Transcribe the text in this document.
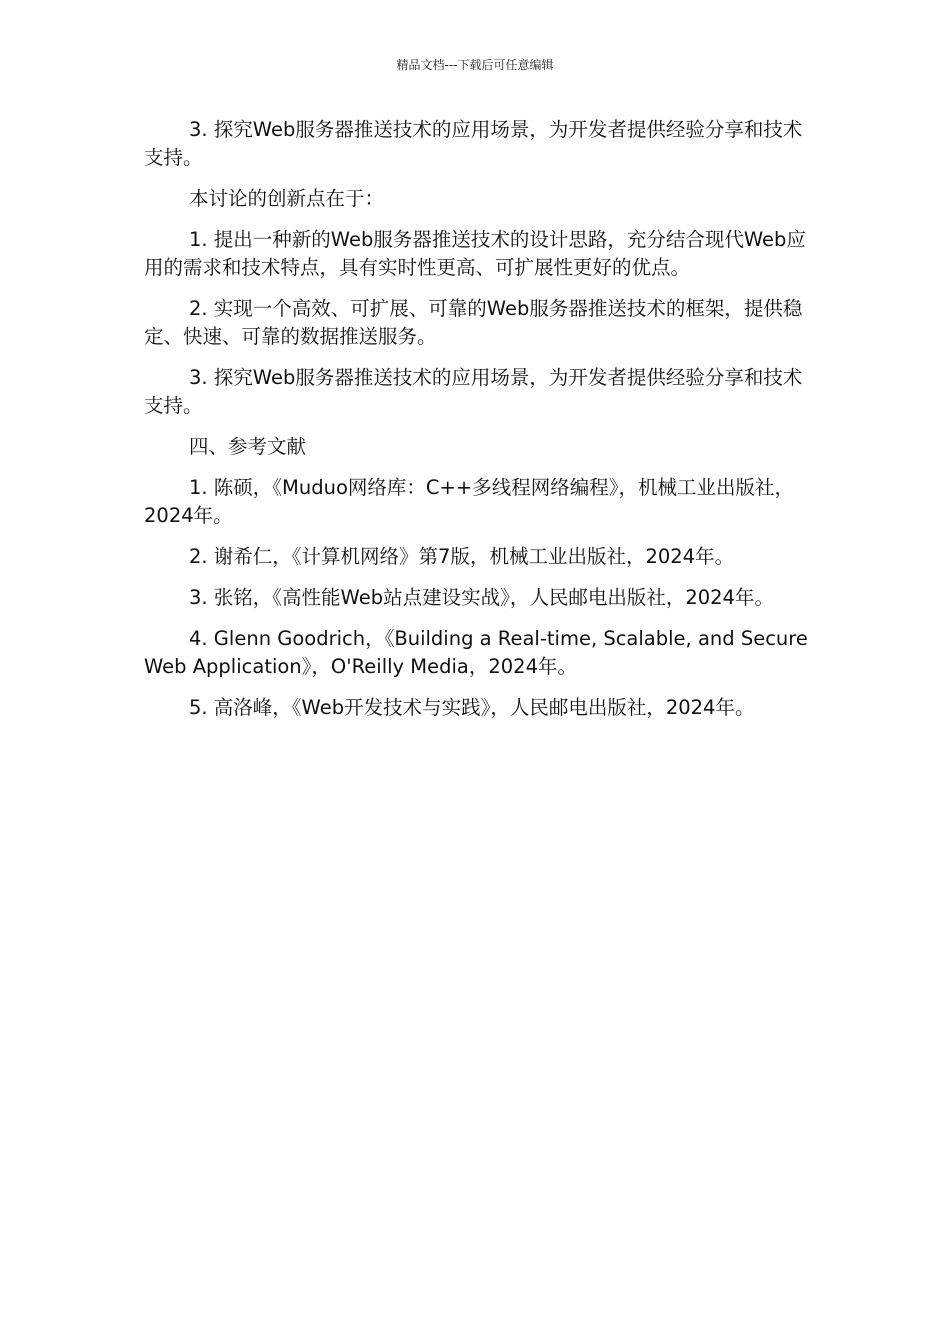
精品文档---下载后可任意编辑

3. 探究Web服务器推送技术的应用场景，为开发者提供经验分享和技术支持。

本讨论的创新点在于：

1. 提出一种新的Web服务器推送技术的设计思路，充分结合现代Web应用的需求和技术特点，具有实时性更高、可扩展性更好的优点。

2. 实现一个高效、可扩展、可靠的Web服务器推送技术的框架，提供稳定、快速、可靠的数据推送服务。

3. 探究Web服务器推送技术的应用场景，为开发者提供经验分享和技术支持。

四、参考文献

1. 陈硕，《Muduo网络库：C++多线程网络编程》，机械工业出版社，2024年。

2. 谢希仁，《计算机网络》第7版，机械工业出版社，2024年。

3. 张铭，《高性能Web站点建设实战》，人民邮电出版社，2024年。

4. Glenn Goodrich，《Building a Real-time, Scalable, and Secure Web Application》，O'Reilly Media，2024年。

5. 高洛峰，《Web开发技术与实践》，人民邮电出版社，2024年。
